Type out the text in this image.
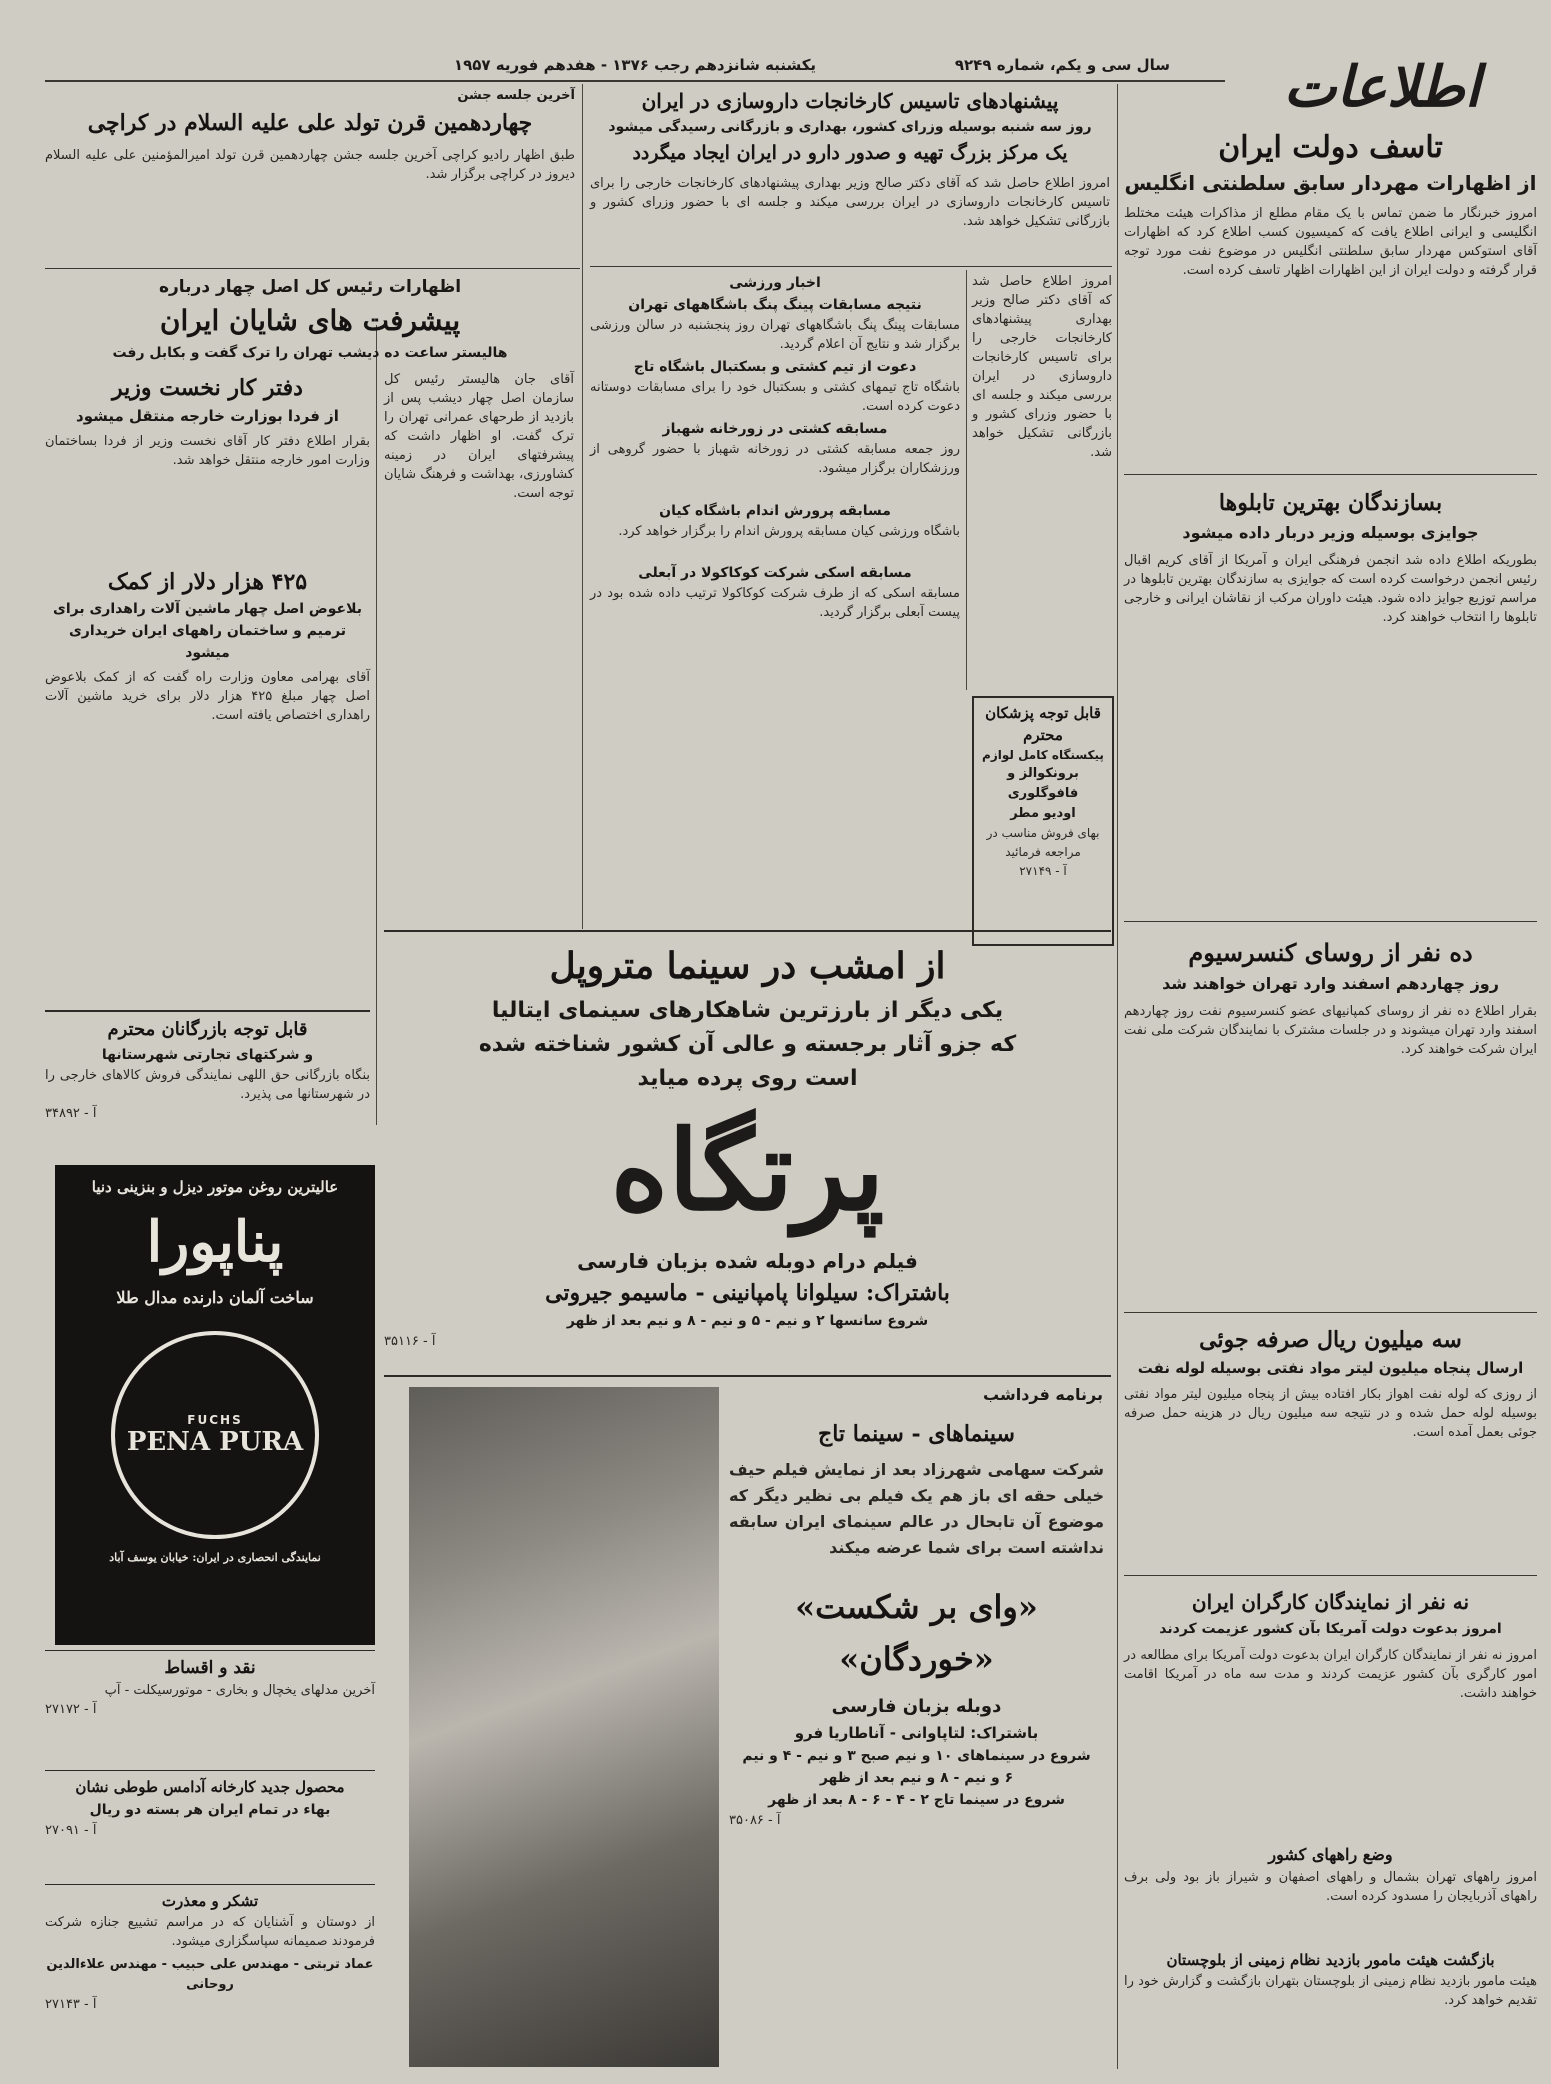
اطلاعات
سال سی و یکم، شماره ۹۲۴۹
یکشنبه شانزدهم رجب ۱۳۷۶ - هفدهم فوریه ۱۹۵۷
تاسف دولت ایران
از اظهارات مهردار سابق سلطنتی انگلیس
امروز خبرنگار ما ضمن تماس با یک مقام مطلع از مذاکرات هیئت مختلط انگلیسی و ایرانی اطلاع یافت که کمیسیون کسب اطلاع کرد که اظهارات آقای استوکس مهردار سابق سلطنتی انگلیس در موضوع نفت مورد توجه قرار گرفته و دولت ایران از این اظهارات اظهار تاسف کرده است.
بسازندگان بهترین تابلوها
جوایزی بوسیله وزیر دربار داده میشود
بطوریکه اطلاع داده شد انجمن فرهنگی ایران و آمریکا از آقای کریم اقبال رئیس انجمن درخواست کرده است که جوایزی به سازندگان بهترین تابلوها در مراسم توزیع جوایز داده شود. هیئت داوران مرکب از نقاشان ایرانی و خارجی تابلوها را انتخاب خواهند کرد.
ده نفر از روسای کنسرسیوم
روز چهاردهم اسفند وارد تهران خواهند شد
بقرار اطلاع ده نفر از روسای کمپانیهای عضو کنسرسیوم نفت روز چهاردهم اسفند وارد تهران میشوند و در جلسات مشترک با نمایندگان شرکت ملی نفت ایران شرکت خواهند کرد.
سه میلیون ریال صرفه جوئی
ارسال پنجاه میلیون لیتر مواد نفتی بوسیله لوله نفت
از روزی که لوله نفت اهواز بکار افتاده بیش از پنجاه میلیون لیتر مواد نفتی بوسیله لوله حمل شده و در نتیجه سه میلیون ریال در هزینه حمل صرفه جوئی بعمل آمده است.
نه نفر از نمایندگان کارگران ایران
امروز بدعوت دولت آمریکا بآن کشور عزیمت کردند
امروز نه نفر از نمایندگان کارگران ایران بدعوت دولت آمریکا برای مطالعه در امور کارگری بآن کشور عزیمت کردند و مدت سه ماه در آمریکا اقامت خواهند داشت.
وضع راههای کشور
امروز راههای تهران بشمال و راههای اصفهان و شیراز باز بود ولی برف راههای آذربایجان را مسدود کرده است.
بازگشت هیئت مامور بازدید نظام زمینی از بلوچستان
هیئت مامور بازدید نظام زمینی از بلوچستان بتهران بازگشت و گزارش خود را تقدیم خواهد کرد.
پیشنهادهای تاسیس کارخانجات داروسازی در ایران
روز سه شنبه بوسیله وزرای کشور، بهداری و بازرگانی رسیدگی میشود
یک مرکز بزرگ تهیه و صدور دارو در ایران ایجاد میگردد
امروز اطلاع حاصل شد که آقای دکتر صالح وزیر بهداری پیشنهادهای کارخانجات خارجی را برای تاسیس کارخانجات داروسازی در ایران بررسی میکند و جلسه ای با حضور وزرای کشور و بازرگانی تشکیل خواهد شد.
امروز اطلاع حاصل شد که آقای دکتر صالح وزیر بهداری پیشنهادهای کارخانجات خارجی را برای تاسیس کارخانجات داروسازی در ایران بررسی میکند و جلسه ای با حضور وزرای کشور و بازرگانی تشکیل خواهد شد.
اخبار ورزشی
نتیجه مسابقات پینگ پنگ باشگاههای تهران
مسابقات پینگ پنگ باشگاههای تهران روز پنجشنبه در سالن ورزشی برگزار شد و نتایج آن اعلام گردید.
دعوت از تیم کشتی و بسکتبال باشگاه تاج
باشگاه تاج تیمهای کشتی و بسکتبال خود را برای مسابقات دوستانه دعوت کرده است.
مسابقه کشتی در زورخانه شهباز
روز جمعه مسابقه کشتی در زورخانه شهباز با حضور گروهی از ورزشکاران برگزار میشود.
مسابقه پرورش اندام باشگاه کیان
باشگاه ورزشی کیان مسابقه پرورش اندام را برگزار خواهد کرد.
مسابقه اسکی شرکت کوکاکولا در آبعلی
مسابقه اسکی که از طرف شرکت کوکاکولا ترتیب داده شده بود در پیست آبعلی برگزار گردید.
قابل توجه پزشکان محترم
پیکسنگاه کامل لوازم
برونکوالز و فافوگلوری
اودیو مطر
بهای فروش مناسب در مراجعه فرمائید
آ - ۲۷۱۴۹
آخرین جلسه جشن
چهاردهمین قرن تولد علی علیه السلام در کراچی
طبق اظهار رادیو کراچی آخرین جلسه جشن چهاردهمین قرن تولد امیرالمؤمنین علی علیه السلام دیروز در کراچی برگزار شد.
اظهارات رئیس کل اصل چهار درباره
پیشرفت های شایان ایران
هالیستر ساعت ده دیشب تهران را ترک گفت و بکابل رفت
آقای جان هالیستر رئیس کل سازمان اصل چهار دیشب پس از بازدید از طرحهای عمرانی تهران را ترک گفت. او اظهار داشت که پیشرفتهای ایران در زمینه کشاورزی، بهداشت و فرهنگ شایان توجه است.
دفتر کار نخست وزیر
از فردا بوزارت خارجه منتقل میشود
بقرار اطلاع دفتر کار آقای نخست وزیر از فردا بساختمان وزارت امور خارجه منتقل خواهد شد.
۴۲۵ هزار دلار از کمک
بلاعوض اصل چهار ماشین آلات راهداری برای ترمیم و ساختمان راههای ایران خریداری میشود
آقای بهرامی معاون وزارت راه گفت که از کمک بلاعوض اصل چهار مبلغ ۴۲۵ هزار دلار برای خرید ماشین آلات راهداری اختصاص یافته است.
قابل توجه بازرگانان محترم
و شرکتهای تجارتی شهرستانها
بنگاه بازرگانی حق اللهی نمایندگی فروش کالاهای خارجی را در شهرستانها می پذیرد.
آ - ۳۴۸۹۲
عالیترین روغن موتور دیزل و بنزینی دنیا
پناپورا
ساخت آلمان دارنده مدال طلا
FUCHS
PENA PURA
نمایندگی انحصاری در ایران: خیابان یوسف آباد
نقد و اقساط
آخرین مدلهای یخچال و بخاری - موتورسیکلت - آپ
آ - ۲۷۱۷۲
محصول جدید کارخانه آدامس طوطی نشان
بهاء در تمام ایران هر بسته دو ریال
آ - ۲۷۰۹۱
تشکر و معذرت
از دوستان و آشنایان که در مراسم تشییع جنازه شرکت فرمودند صمیمانه سپاسگزاری میشود.
عماد تربتی - مهندس علی حبیب - مهندس علاءالدین روحانی
آ - ۲۷۱۴۳
از امشب در سینما متروپل
یکی دیگر از بارزترین شاهکارهای سینمای ایتالیا
که جزو آثار برجسته و عالی آن کشور شناخته شده
است روی پرده میاید
پرتگاه
فیلم درام دوبله شده بزبان فارسی
باشتراک: سیلوانا پامپانینی - ماسیمو جیروتی
شروع سانسها ۲ و نیم - ۵ و نیم - ۸ و نیم بعد از ظهر
آ - ۳۵۱۱۶
برنامه فرداشب
سینماهای - سینما تاج
شرکت سهامی شهرزاد بعد از نمایش فیلم حیف خیلی حقه ای باز هم یک فیلم بی نظیر دیگر که موضوع آن تابحال در عالم سینمای ایران سابقه نداشته است برای شما عرضه میکند
«وای بر شکست»
«خوردگان»
دوبله بزبان فارسی
باشتراک: لتاپاوانی - آناطاریا فرو
شروع در سینماهای ۱۰ و نیم صبح ۳ و نیم - ۴ و نیم
۶ و نیم - ۸ و نیم بعد از ظهر
شروع در سینما تاج ۲ - ۴ - ۶ - ۸ بعد از ظهر
آ - ۳۵۰۸۶
